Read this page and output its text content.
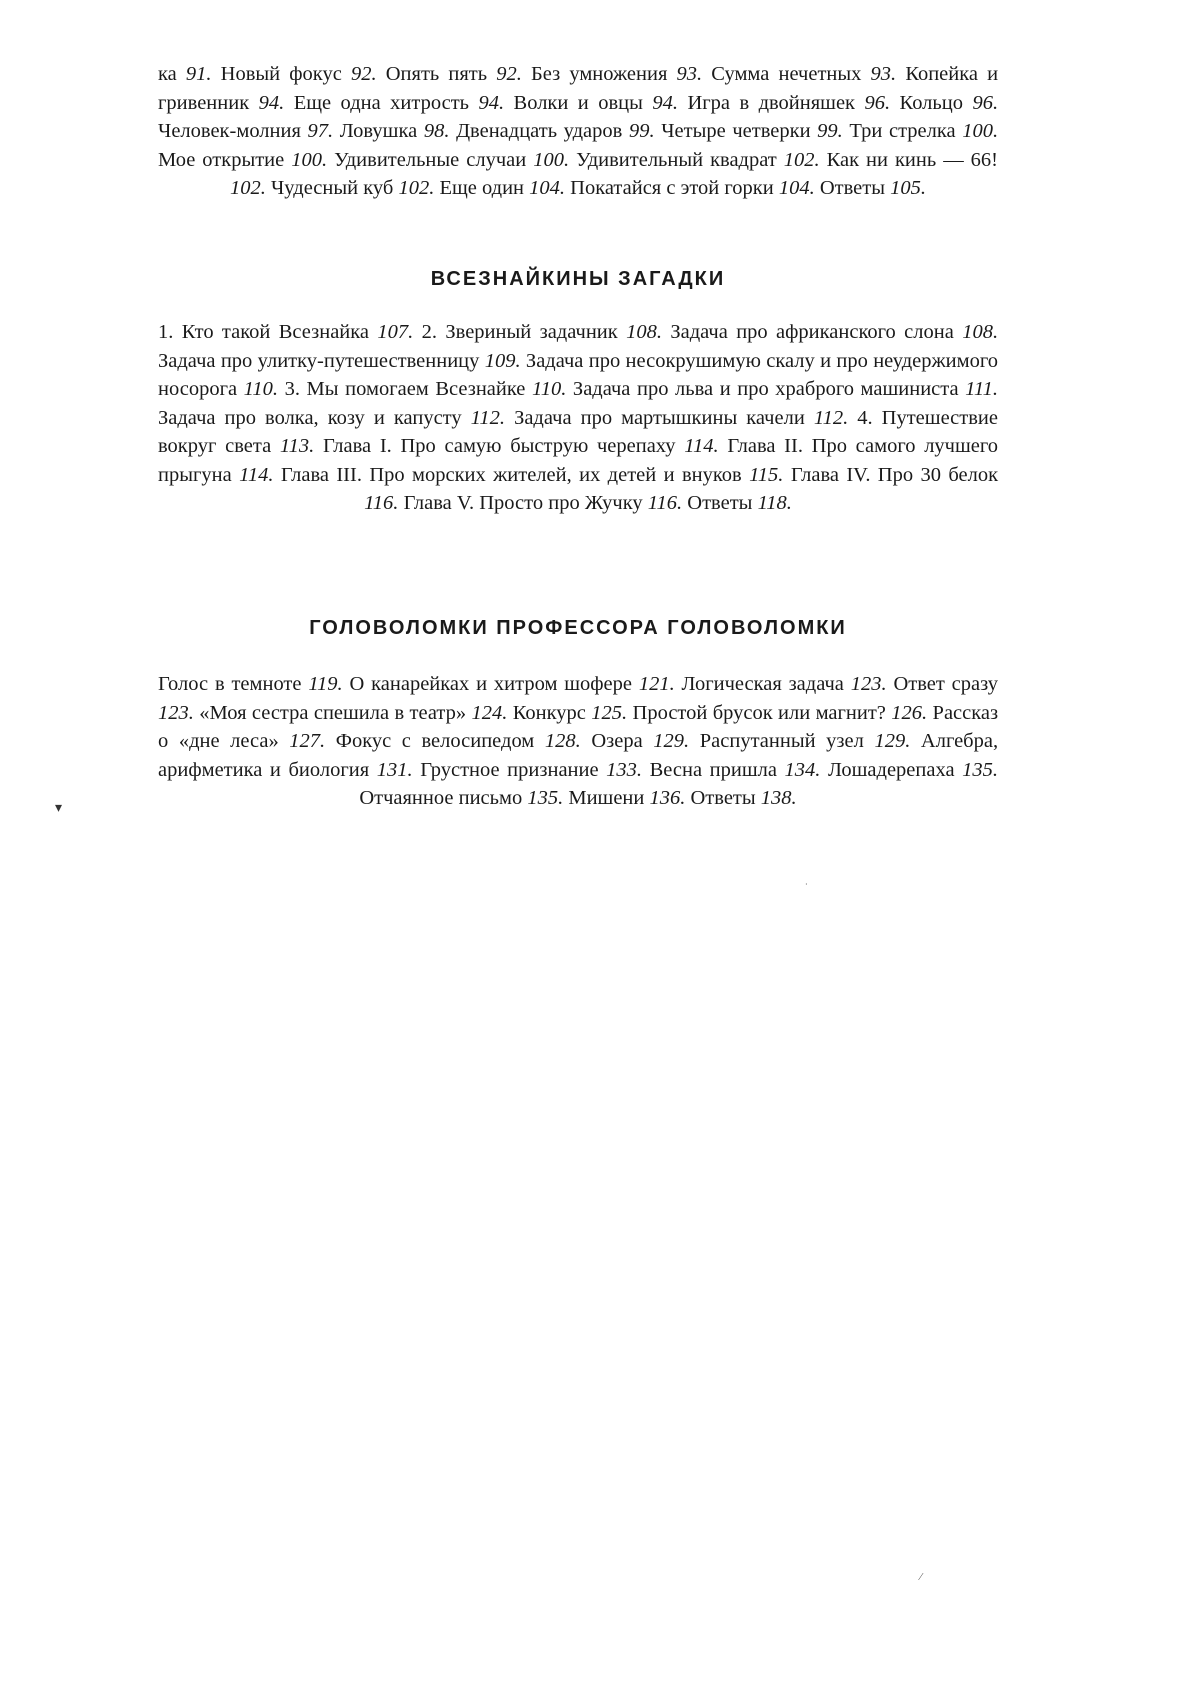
ка 91. Новый фокус 92. Опять пять 92. Без умножения 93. Сумма нечетных 93. Копейка и гривенник 94. Еще одна хитрость 94. Волки и овцы 94. Игра в двойняшек 96. Кольцо 96. Человек-молния 97. Ловушка 98. Двенадцать ударов 99. Четыре четверки 99. Три стрелка 100. Мое открытие 100. Удивительные случаи 100. Удивительный квадрат 102. Как ни кинь — 66! 102. Чудесный куб 102. Еще один 104. Покатайся с этой горки 104. Ответы 105.
ВСЕЗНАЙКИНЫ ЗАГАДКИ
1. Кто такой Всезнайка 107. 2. Звериный задачник 108. Задача про африканского слона 108. Задача про улитку-путешественницу 109. Задача про несокрушимую скалу и про неудержимого носорога 110. 3. Мы помогаем Всезнайке 110. Задача про льва и про храброго машиниста 111. Задача про волка, козу и капусту 112. Задача про мартышкины качели 112. 4. Путешествие вокруг света 113. Глава I. Про самую быструю черепаху 114. Глава II. Про самого лучшего прыгуна 114. Глава III. Про морских жителей, их детей и внуков 115. Глава IV. Про 30 белок 116. Глава V. Просто про Жучку 116. Ответы 118.
ГОЛОВОЛОМКИ ПРОФЕССОРА ГОЛОВОЛОМКИ
Голос в темноте 119. О канарейках и хитром шофере 121. Логическая задача 123. Ответ сразу 123. «Моя сестра спешила в театр» 124. Конкурс 125. Простой брусок или магнит? 126. Рассказ о «дне леса» 127. Фокус с велосипедом 128. Озера 129. Распутанный узел 129. Алгебра, арифметика и биология 131. Грустное признание 133. Весна пришла 134. Лошадерепаха 135. Отчаянное письмо 135. Мишени 136. Ответы 138.
▾
·
⁄
